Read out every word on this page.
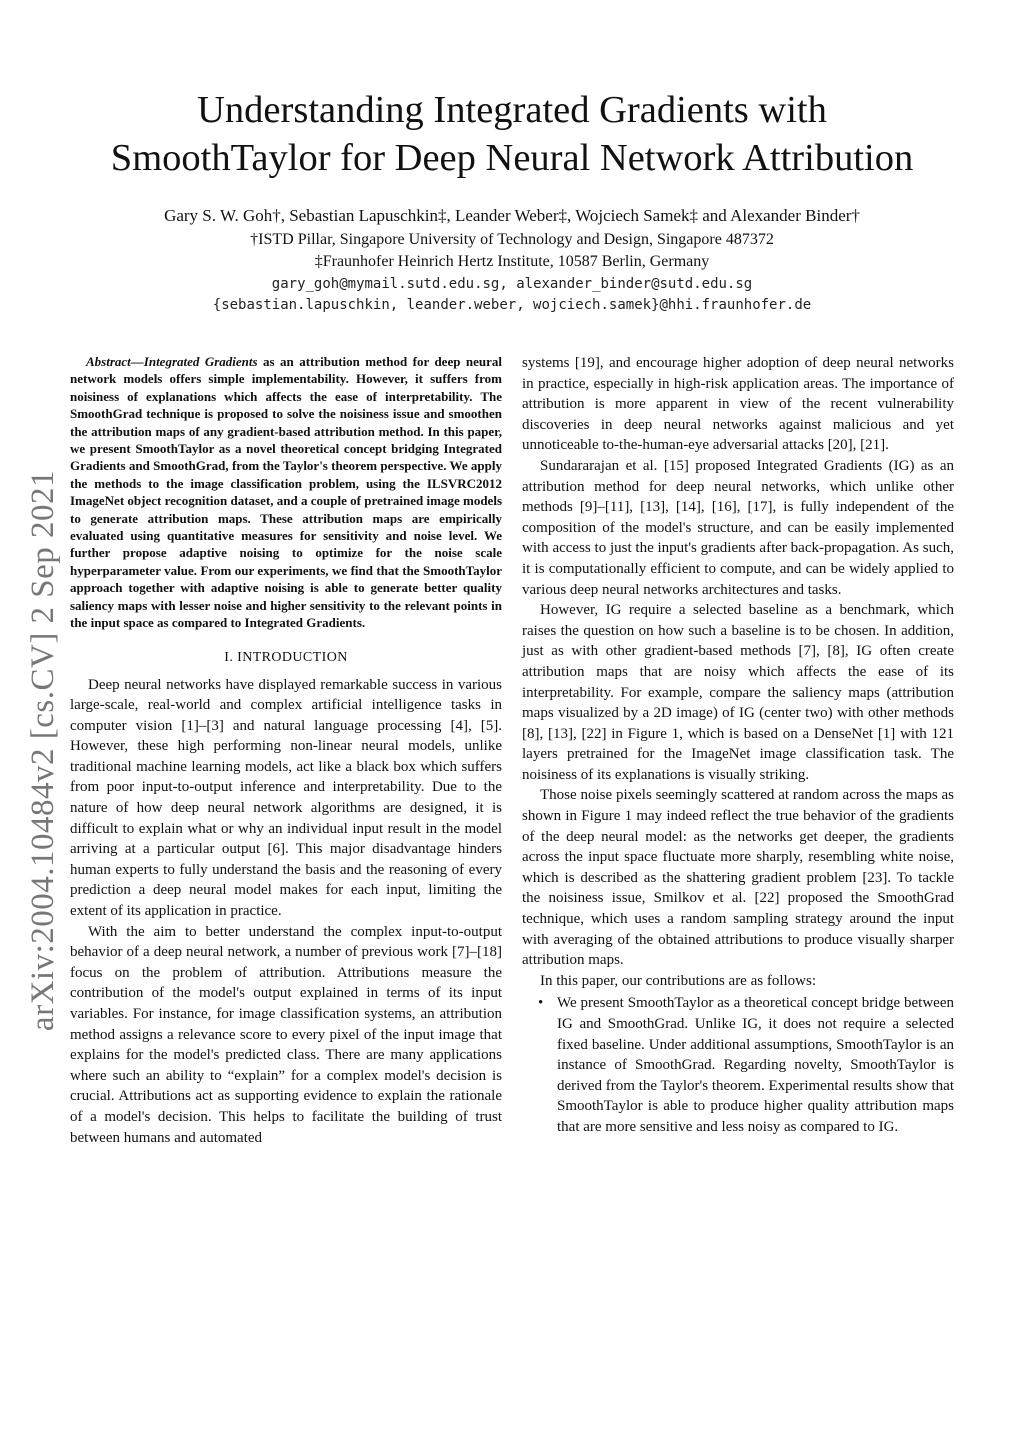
Understanding Integrated Gradients with
SmoothTaylor for Deep Neural Network Attribution
Gary S. W. Goh†, Sebastian Lapuschkin‡, Leander Weber‡, Wojciech Samek‡ and Alexander Binder†
†ISTD Pillar, Singapore University of Technology and Design, Singapore 487372
‡Fraunhofer Heinrich Hertz Institute, 10587 Berlin, Germany
gary_goh@mymail.sutd.edu.sg, alexander_binder@sutd.edu.sg
{sebastian.lapuschkin, leander.weber, wojciech.samek}@hhi.fraunhofer.de
arXiv:2004.10484v2 [cs.CV] 2 Sep 2021

Abstract—Integrated Gradients as an attribution method for deep neural network models offers simple implementability. However, it suffers from noisiness of explanations which affects the ease of interpretability. The SmoothGrad technique is proposed to solve the noisiness issue and smoothen the attribution maps of any gradient-based attribution method. In this paper, we present SmoothTaylor as a novel theoretical concept bridging Integrated Gradients and SmoothGrad, from the Taylor's theorem perspective. We apply the methods to the image classification problem, using the ILSVRC2012 ImageNet object recognition dataset, and a couple of pretrained image models to generate attribution maps. These attribution maps are empirically evaluated using quantitative measures for sensitivity and noise level. We further propose adaptive noising to optimize for the noise scale hyperparameter value. From our experiments, we find that the SmoothTaylor approach together with adaptive noising is able to generate better quality saliency maps with lesser noise and higher sensitivity to the relevant points in the input space as compared to Integrated Gradients.

I. INTRODUCTION

Deep neural networks have displayed remarkable success in various large-scale, real-world and complex artificial intelligence tasks in computer vision [1]–[3] and natural language processing [4], [5]. However, these high performing non-linear neural models, unlike traditional machine learning models, act like a black box which suffers from poor input-to-output inference and interpretability. Due to the nature of how deep neural network algorithms are designed, it is difficult to explain what or why an individual input result in the model arriving at a particular output [6]. This major disadvantage hinders human experts to fully understand the basis and the reasoning of every prediction a deep neural model makes for each input, limiting the extent of its application in practice.

With the aim to better understand the complex input-to-output behavior of a deep neural network, a number of previous work [7]–[18] focus on the problem of attribution. Attributions measure the contribution of the model's output explained in terms of its input variables. For instance, for image classification systems, an attribution method assigns a relevance score to every pixel of the input image that explains for the model's predicted class. There are many applications where such an ability to “explain” for a complex model's decision is crucial. Attributions act as supporting evidence to explain the rationale of a model's decision. This helps to facilitate the building of trust between humans and automated

systems [19], and encourage higher adoption of deep neural networks in practice, especially in high-risk application areas. The importance of attribution is more apparent in view of the recent vulnerability discoveries in deep neural networks against malicious and yet unnoticeable to-the-human-eye adversarial attacks [20], [21].

Sundararajan et al. [15] proposed Integrated Gradients (IG) as an attribution method for deep neural networks, which unlike other methods [9]–[11], [13], [14], [16], [17], is fully independent of the composition of the model's structure, and can be easily implemented with access to just the input's gradients after back-propagation. As such, it is computationally efficient to compute, and can be widely applied to various deep neural networks architectures and tasks.

However, IG require a selected baseline as a benchmark, which raises the question on how such a baseline is to be chosen. In addition, just as with other gradient-based methods [7], [8], IG often create attribution maps that are noisy which affects the ease of its interpretability. For example, compare the saliency maps (attribution maps visualized by a 2D image) of IG (center two) with other methods [8], [13], [22] in Figure 1, which is based on a DenseNet [1] with 121 layers pretrained for the ImageNet image classification task. The noisiness of its explanations is visually striking.

Those noise pixels seemingly scattered at random across the maps as shown in Figure 1 may indeed reflect the true behavior of the gradients of the deep neural model: as the networks get deeper, the gradients across the input space fluctuate more sharply, resembling white noise, which is described as the shattering gradient problem [23]. To tackle the noisiness issue, Smilkov et al. [22] proposed the SmoothGrad technique, which uses a random sampling strategy around the input with averaging of the obtained attributions to produce visually sharper attribution maps.

In this paper, our contributions are as follows:

• We present SmoothTaylor as a theoretical concept bridge between IG and SmoothGrad. Unlike IG, it does not require a selected fixed baseline. Under additional assumptions, SmoothTaylor is an instance of SmoothGrad. Regarding novelty, SmoothTaylor is derived from the Taylor's theorem. Experimental results show that SmoothTaylor is able to produce higher quality attribution maps that are more sensitive and less noisy as compared to IG.
